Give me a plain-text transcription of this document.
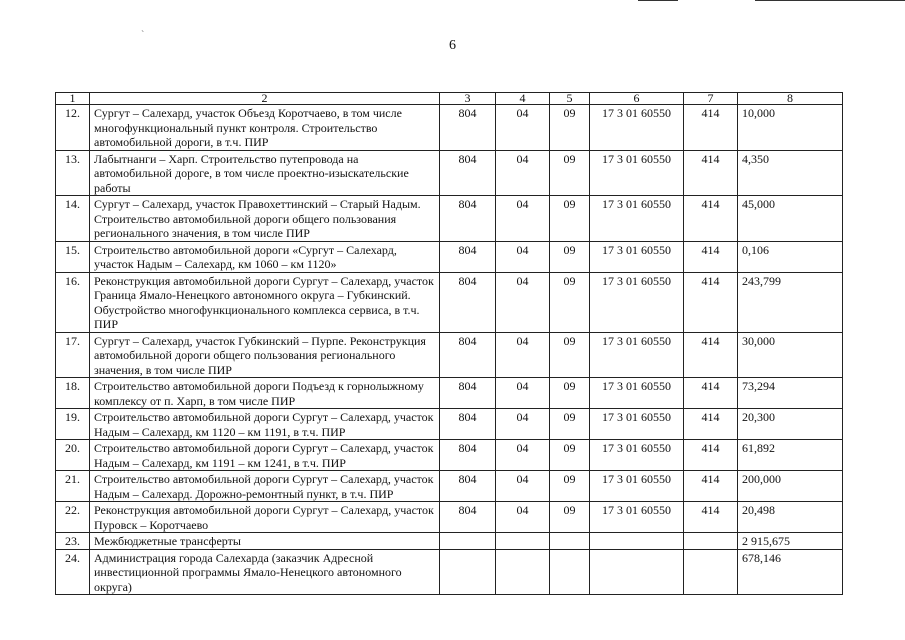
`
6
1	2	3	4	5	6	7	8
12.	Сургут – Салехард, участок Объезд Коротчаево, в том числе многофункциональный пункт контроля. Строительство автомобильной дороги, в т.ч. ПИР	804	04	09	17 3 01 60550	414	10,000
13.	Лабытнанги – Харп. Строительство путепровода на автомобильной дороге, в том числе проектно-изыскательские работы	804	04	09	17 3 01 60550	414	4,350
14.	Сургут – Салехард, участок Правохеттинский – Старый Надым. Строительство автомобильной дороги общего пользования регионального значения, в том числе ПИР	804	04	09	17 3 01 60550	414	45,000
15.	Строительство автомобильной дороги «Сургут – Салехард, участок Надым – Салехард, км 1060 – км 1120»	804	04	09	17 3 01 60550	414	0,106
16.	Реконструкция автомобильной дороги Сургут – Салехард, участок Граница Ямало-Ненецкого автономного округа – Губкинский. Обустройство многофункционального комплекса сервиса, в т.ч. ПИР	804	04	09	17 3 01 60550	414	243,799
17.	Сургут – Салехард, участок Губкинский – Пурпе. Реконструкция автомобильной дороги общего пользования регионального значения, в том числе ПИР	804	04	09	17 3 01 60550	414	30,000
18.	Строительство автомобильной дороги Подъезд к горнолыжному комплексу от п. Харп, в том числе ПИР	804	04	09	17 3 01 60550	414	73,294
19.	Строительство автомобильной дороги Сургут – Салехард, участок Надым – Салехард, км 1120 – км 1191, в т.ч. ПИР	804	04	09	17 3 01 60550	414	20,300
20.	Строительство автомобильной дороги Сургут – Салехард, участок Надым – Салехард, км 1191 – км 1241, в т.ч. ПИР	804	04	09	17 3 01 60550	414	61,892
21.	Строительство автомобильной дороги Сургут – Салехард, участок Надым – Салехард. Дорожно-ремонтный пункт, в т.ч. ПИР	804	04	09	17 3 01 60550	414	200,000
22.	Реконструкция автомобильной дороги Сургут – Салехард, участок Пуровск – Коротчаево	804	04	09	17 3 01 60550	414	20,498
23.	Межбюджетные трансферты						2 915,675
24.	Администрация города Салехарда (заказчик Адресной инвестиционной программы Ямало-Ненецкого автономного округа)						678,146
